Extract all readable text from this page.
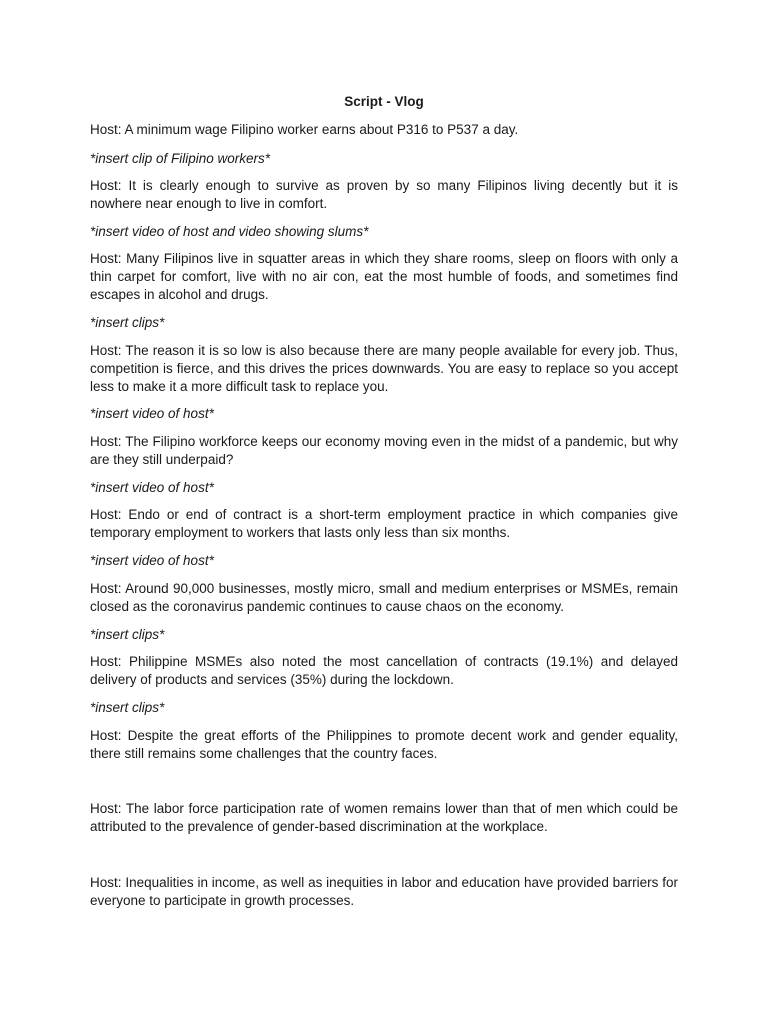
Script - Vlog

Host: A minimum wage Filipino worker earns about P316 to P537 a day.

*insert clip of Filipino workers*

Host: It is clearly enough to survive as proven by so many Filipinos living decently but it is nowhere near enough to live in comfort.

*insert video of host and video showing slums*

Host: Many Filipinos live in squatter areas in which they share rooms, sleep on floors with only a thin carpet for comfort, live with no air con, eat the most humble of foods, and sometimes find escapes in alcohol and drugs.

*insert clips*

Host: The reason it is so low is also because there are many people available for every job. Thus, competition is fierce, and this drives the prices downwards. You are easy to replace so you accept less to make it a more difficult task to replace you.

*insert video of host*

Host: The Filipino workforce keeps our economy moving even in the midst of a pandemic, but why are they still underpaid?

*insert video of host*

Host: Endo or end of contract is a short-term employment practice in which companies give temporary employment to workers that lasts only less than six months.

*insert video of host*

Host: Around 90,000 businesses, mostly micro, small and medium enterprises or MSMEs, remain closed as the coronavirus pandemic continues to cause chaos on the economy.

*insert clips*

Host: Philippine MSMEs also noted the most cancellation of contracts (19.1%) and delayed delivery of products and services (35%) during the lockdown.

*insert clips*

Host: Despite the great efforts of the Philippines to promote decent work and gender equality, there still remains some challenges that the country faces.

Host: The labor force participation rate of women remains lower than that of men which could be attributed to the prevalence of gender-based discrimination at the workplace.

Host: Inequalities in income, as well as inequities in labor and education have provided barriers for everyone to participate in growth processes.
